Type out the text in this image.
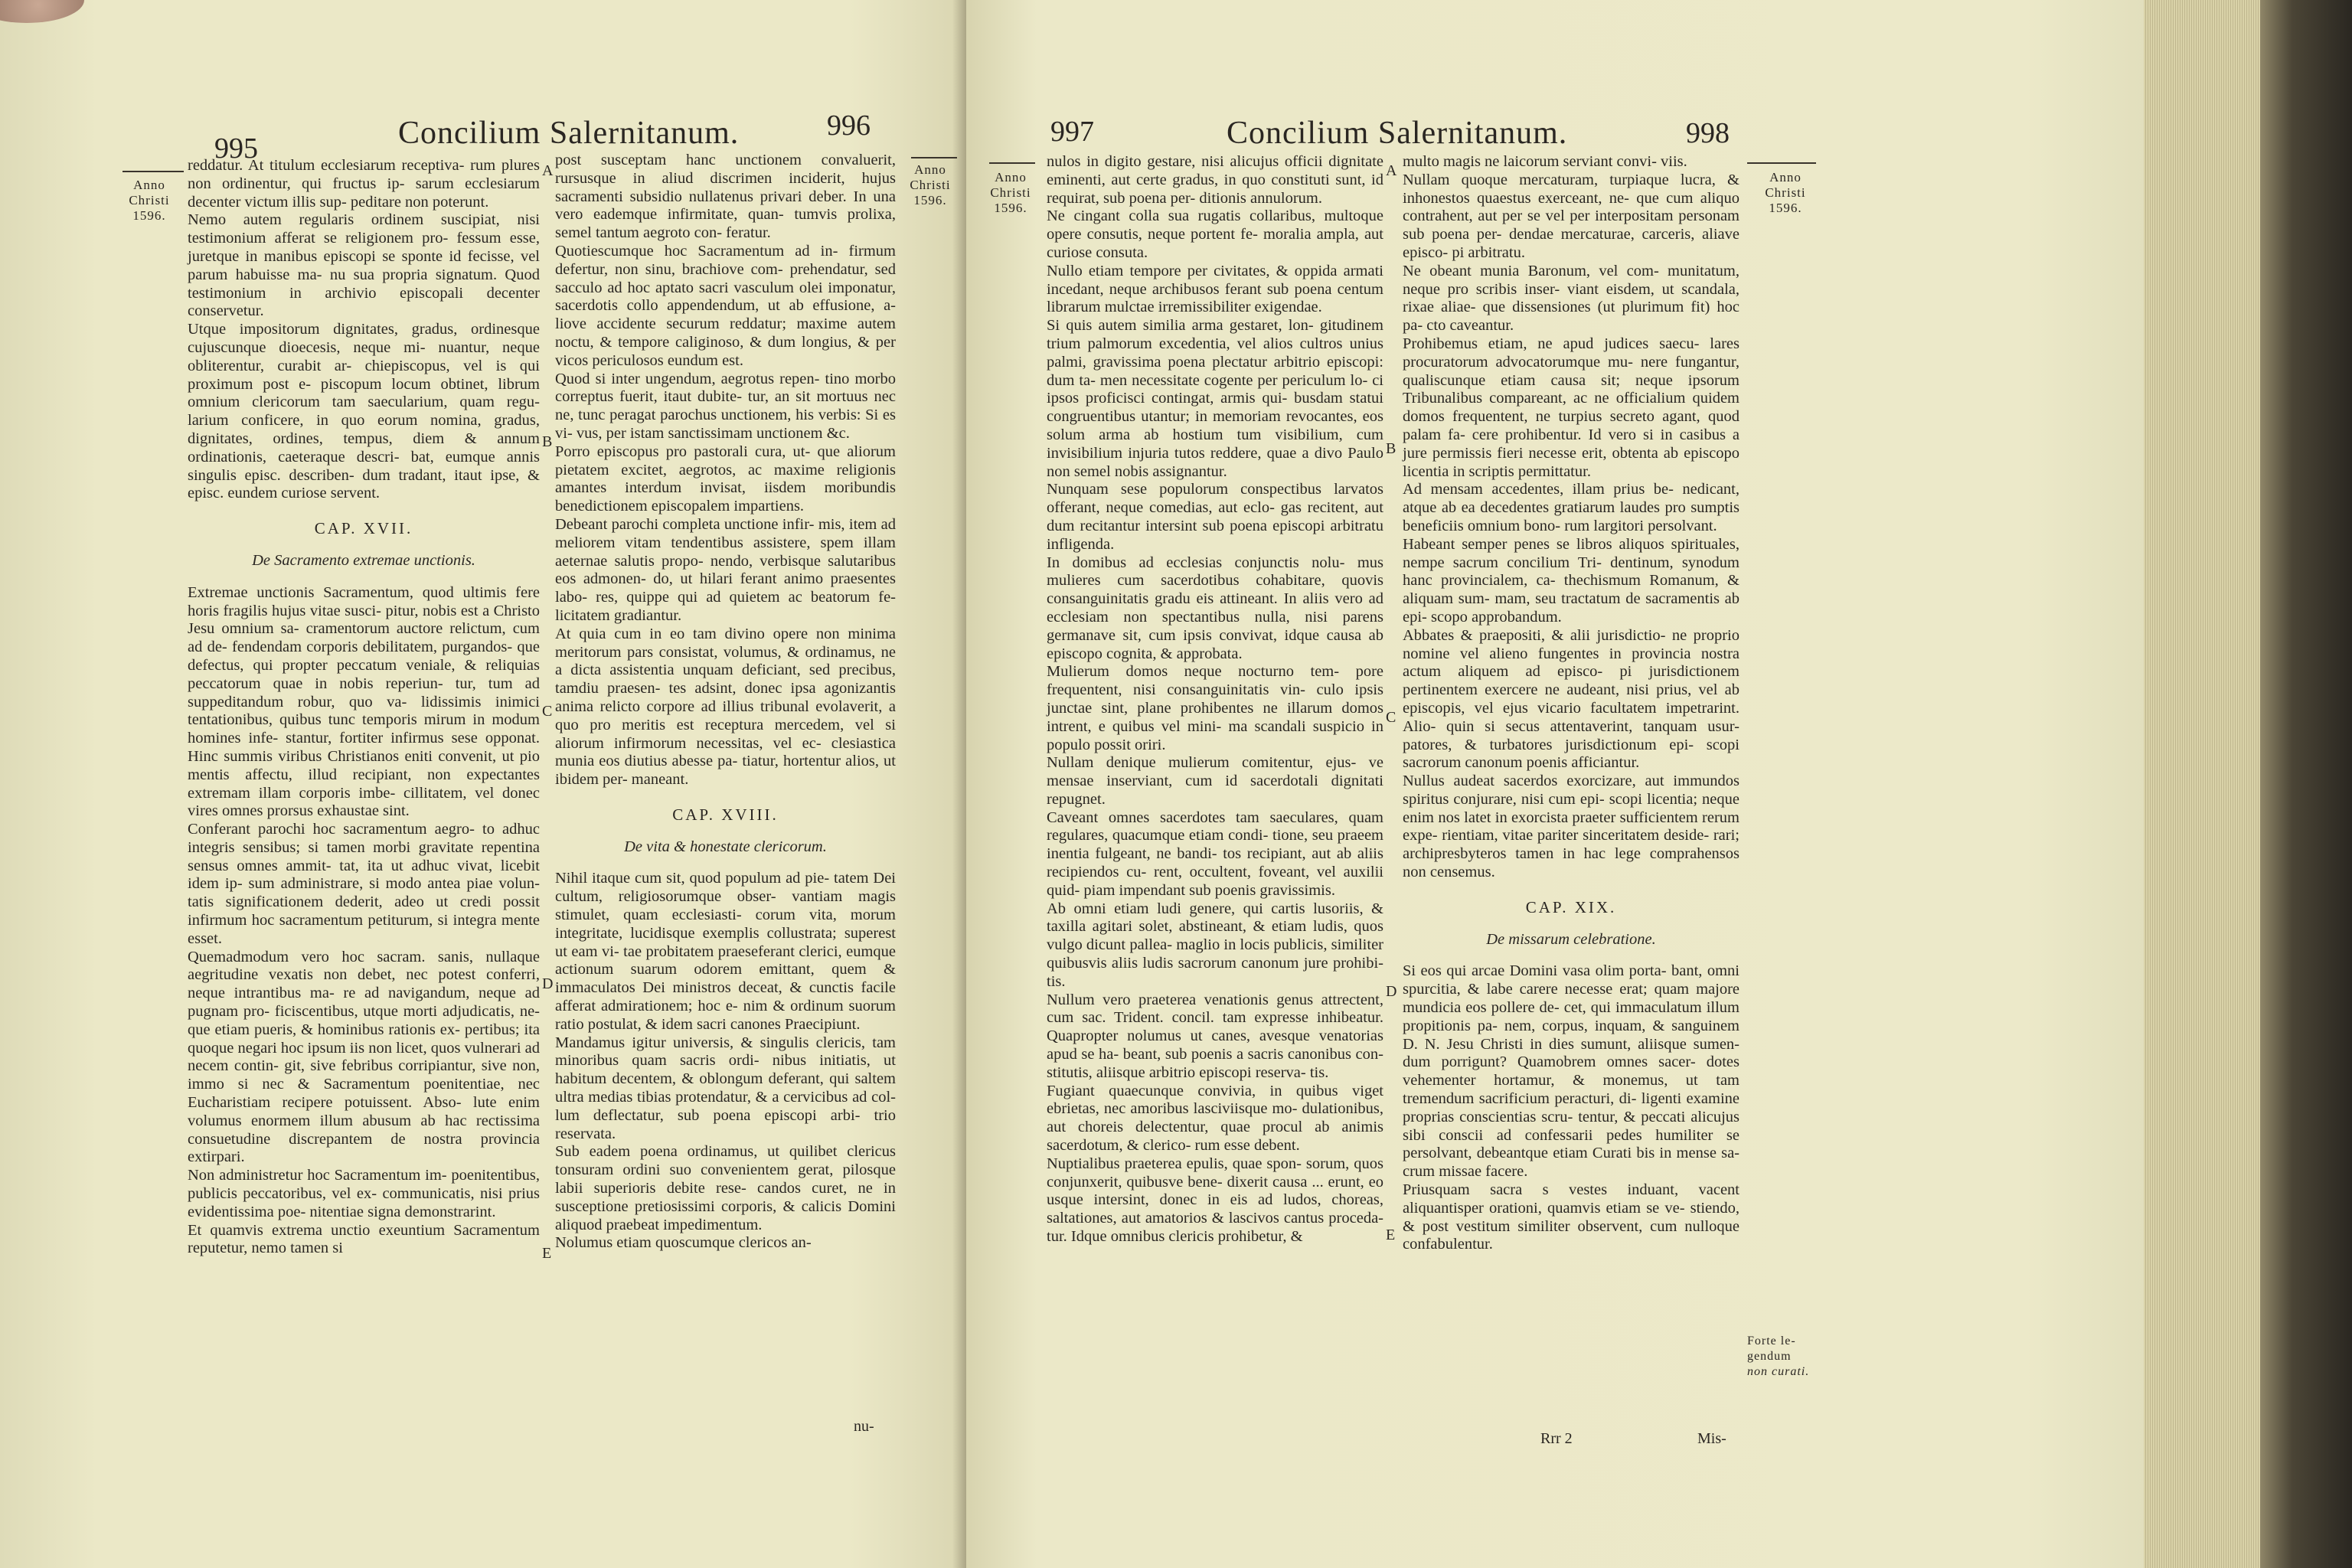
Concilium Salernitanum.
995
996
Anno
Christi
1596.
Anno
Christi
1596.

reddatur. At titulum ecclesiarum receptiva- rum plures non ordinentur, qui fructus ip- sarum ecclesiarum decenter victum illis sup- peditare non poterunt.

Nemo autem regularis ordinem suscipiat, nisi testimonium afferat se religionem pro- fessum esse, juretque in manibus episcopi se sponte id fecisse, vel parum habuisse ma- nu sua propria signatum. Quod testimonium in archivio episcopali decenter conservetur.

Utque impositorum dignitates, gradus, ordinesque cujuscunque dioecesis, neque mi- nuantur, neque obliterentur, curabit ar- chiepiscopus, vel is qui proximum post e- piscopum locum obtinet, librum omnium clericorum tam saecularium, quam regu- larium conficere, in quo eorum nomina, gradus, dignitates, ordines, tempus, diem & annum ordinationis, caeteraque descri- bat, eumque annis singulis episc. describen- dum tradant, itaut ipse, & episc. eundem curiose servent.

CAP. XVII.
De Sacramento extremae unctionis.

Extremae unctionis Sacramentum, quod ultimis fere horis fragilis hujus vitae susci- pitur, nobis est a Christo Jesu omnium sa- cramentorum auctore relictum, cum ad de- fendendam corporis debilitatem, purgandos- que defectus, qui propter peccatum veniale, & reliquias peccatorum quae in nobis reperiun- tur, tum ad suppeditandum robur, quo va- lidissimis inimici tentationibus, quibus tunc temporis mirum in modum homines infe- stantur, fortiter infirmus sese opponat. Hinc summis viribus Christianos eniti convenit, ut pio mentis affectu, illud recipiant, non expectantes extremam illam corporis imbe- cillitatem, vel donec vires omnes prorsus exhaustae sint.

Conferant parochi hoc sacramentum aegro- to adhuc integris sensibus; si tamen morbi gravitate repentina sensus omnes ammit- tat, ita ut adhuc vivat, licebit idem ip- sum administrare, si modo antea piae volun- tatis significationem dederit, adeo ut credi possit infirmum hoc sacramentum petiturum, si integra mente esset.

Quemadmodum vero hoc sacram. sanis, nullaque aegritudine vexatis non debet, nec potest conferri, neque intrantibus ma- re ad navigandum, neque ad pugnam pro- ficiscentibus, utque morti adjudicatis, ne- que etiam pueris, & hominibus rationis ex- pertibus; ita quoque negari hoc ipsum iis non licet, quos vulnerari ad necem contin- git, sive febribus corripiantur, sive non, immo si nec & Sacramentum poenitentiae, nec Eucharistiam recipere potuissent. Abso- lute enim volumus enormem illum abusum ab hac rectissima consuetudine discrepantem de nostra provincia extirpari.

Non administretur hoc Sacramentum im- poenitentibus, publicis peccatoribus, vel ex- communicatis, nisi prius evidentissima poe- nitentiae signa demonstrarint.

Et quamvis extrema unctio exeuntium Sacramentum reputetur, nemo tamen si

A
B
C
D
E

post susceptam hanc unctionem convaluerit, rursusque in aliud discrimen inciderit, hujus sacramenti subsidio nullatenus privari deber. In una vero eademque infirmitate, quan- tumvis prolixa, semel tantum aegroto con- feratur.

Quotiescumque hoc Sacramentum ad in- firmum defertur, non sinu, brachiove com- prehendatur, sed sacculo ad hoc aptato sacri vasculum olei imponatur, sacerdotis collo appendendum, ut ab effusione, a- liove accidente securum reddatur; maxime autem noctu, & tempore caliginoso, & dum longius, & per vicos periculosos eundum est.

Quod si inter ungendum, aegrotus repen- tino morbo correptus fuerit, itaut dubite- tur, an sit mortuus nec ne, tunc peragat parochus unctionem, his verbis: Si es vi- vus, per istam sanctissimam unctionem &c.

Porro episcopus pro pastorali cura, ut- que aliorum pietatem excitet, aegrotos, ac maxime religionis amantes interdum invisat, iisdem moribundis benedictionem episcopalem impartiens.

Debeant parochi completa unctione infir- mis, item ad meliorem vitam tendentibus assistere, spem illam aeternae salutis propo- nendo, verbisque salutaribus eos admonen- do, ut hilari ferant animo praesentes labo- res, quippe qui ad quietem ac beatorum fe- licitatem gradiantur.

At quia cum in eo tam divino opere non minima meritorum pars consistat, volumus, & ordinamus, ne a dicta assistentia unquam deficiant, sed precibus, tamdiu praesen- tes adsint, donec ipsa agonizantis anima relicto corpore ad illius tribunal evolaverit, a quo pro meritis est receptura mercedem, vel si aliorum infirmorum necessitas, vel ec- clesiastica munia eos diutius abesse pa- tiatur, hortentur alios, ut ibidem per- maneant.

CAP. XVIII.
De vita & honestate clericorum.

Nihil itaque cum sit, quod populum ad pie- tatem Dei cultum, religiosorumque obser- vantiam magis stimulet, quam ecclesiasti- corum vita, morum integritate, lucidisque exemplis collustrata; superest ut eam vi- tae probitatem praeseferant clerici, eumque actionum suarum odorem emittant, quem & immaculatos Dei ministros deceat, & cunctis facile afferat admirationem; hoc e- nim & ordinum suorum ratio postulat, & idem sacri canones Praecipiunt.

Mandamus igitur universis, & singulis clericis, tam minoribus quam sacris ordi- nibus initiatis, ut habitum decentem, & oblongum deferant, qui saltem ultra medias tibias protendatur, & a cervicibus ad col- lum deflectatur, sub poena episcopi arbi- trio reservata.

Sub eadem poena ordinamus, ut quilibet clericus tonsuram ordini suo convenientem gerat, pilosque labii superioris debite rese- candos curet, ne in susceptione pretiosissimi corporis, & calicis Domini aliquod praebeat impedimentum.

Nolumus etiam quoscumque clericos an-

nu-
Concilium Salernitanum.
997	998
Anno
Christi
1596.
Anno
Christi
1596.

nulos in digito gestare, nisi alicujus officii dignitate eminenti, aut certe gradus, in quo constituti sunt, id requirat, sub poena per- ditionis annulorum.

Ne cingant colla sua rugatis collaribus, multoque opere consutis, neque portent fe- moralia ampla, aut curiose consuta.

Nullo etiam tempore per civitates, & oppida armati incedant, neque archibusos ferant sub poena centum librarum mulctae irremissibiliter exigendae.

Si quis autem similia arma gestaret, lon- gitudinem trium palmorum excedentia, vel alios cultros unius palmi, gravissima poena plectatur arbitrio episcopi: dum ta- men necessitate cogente per periculum lo- ci ipsos proficisci contingat, armis qui- busdam statui congruentibus utantur; in memoriam revocantes, eos solum arma ab hostium tum visibilium, cum invisibilium injuria tutos reddere, quae a divo Paulo non semel nobis assignantur.

Nunquam sese populorum conspectibus larvatos offerant, neque comedias, aut eclo- gas recitent, aut dum recitantur intersint sub poena episcopi arbitratu infligenda.

In domibus ad ecclesias conjunctis nolu- mus mulieres cum sacerdotibus cohabitare, quovis consanguinitatis gradu eis attineant. In aliis vero ad ecclesiam non spectantibus nulla, nisi parens germanave sit, cum ipsis convivat, idque causa ab episcopo cognita, & approbata.

Mulierum domos neque nocturno tem- pore frequentent, nisi consanguinitatis vin- culo ipsis junctae sint, plane prohibentes ne illarum domos intrent, e quibus vel mini- ma scandali suspicio in populo possit oriri.

Nullam denique mulierum comitentur, ejus- ve mensae inserviant, cum id sacerdotali dignitati repugnet.

Caveant omnes sacerdotes tam saeculares, quam regulares, quacumque etiam condi- tione, seu praeem inentia fulgeant, ne bandi- tos recipiant, aut ab aliis recipiendos cu- rent, occultent, foveant, vel auxilii quid- piam impendant sub poenis gravissimis.

Ab omni etiam ludi genere, qui cartis lusoriis, & taxilla agitari solet, abstineant, & etiam ludis, quos vulgo dicunt pallea- maglio in locis publicis, similiter quibusvis aliis ludis sacrorum canonum jure prohibi- tis.

Nullum vero praeterea venationis genus attrectent, cum sac. Trident. concil. tam expresse inhibeatur. Quapropter nolumus ut canes, avesque venatorias apud se ha- beant, sub poenis a sacris canonibus con- stitutis, aliisque arbitrio episcopi reserva- tis.

Fugiant quaecunque convivia, in quibus viget ebrietas, nec amoribus lasciviisque mo- dulationibus, aut choreis delectentur, quae procul ab animis sacerdotum, & clerico- rum esse debent.

Nuptialibus praeterea epulis, quae spon- sorum, quos conjunxerit, quibusve bene- dixerit causa ... erunt, eo usque intersint, donec in eis ad ludos, choreas, saltationes, aut amatorios & lascivos cantus proceda- tur. Idque omnibus clericis prohibetur, &

A
B
C
D
E

multo magis ne laicorum serviant convi- viis.

Nullam quoque mercaturam, turpiaque lucra, & inhonestos quaestus exerceant, ne- que cum aliquo contrahent, aut per se vel per interpositam personam sub poena per- dendae mercaturae, carceris, aliave episco- pi arbitratu.

Ne obeant munia Baronum, vel com- munitatum, neque pro scribis inser- viant eisdem, ut scandala, rixae aliae- que dissensiones (ut plurimum fit) hoc pa- cto caveantur.

Prohibemus etiam, ne apud judices saecu- lares procuratorum advocatorumque mu- nere fungantur, qualiscunque etiam causa sit; neque ipsorum Tribunalibus compareant, ac ne officialium quidem domos frequentent, ne turpius secreto agant, quod palam fa- cere prohibentur. Id vero si in casibus a jure permissis fieri necesse erit, obtenta ab episcopo licentia in scriptis permittatur.

Ad mensam accedentes, illam prius be- nedicant, atque ab ea decedentes gratiarum laudes pro sumptis beneficiis omnium bono- rum largitori persolvant.

Habeant semper penes se libros aliquos spirituales, nempe sacrum concilium Tri- dentinum, synodum hanc provincialem, ca- thechismum Romanum, & aliquam sum- mam, seu tractatum de sacramentis ab epi- scopo approbandum.

Abbates & praepositi, & alii jurisdictio- ne proprio nomine vel alieno fungentes in provincia nostra actum aliquem ad episco- pi jurisdictionem pertinentem exercere ne audeant, nisi prius, vel ab episcopis, vel ejus vicario facultatem impetrarint. Alio- quin si secus attentaverint, tanquam usur- patores, & turbatores jurisdictionum epi- scopi sacrorum canonum poenis afficiantur.

Nullus audeat sacerdos exorcizare, aut immundos spiritus conjurare, nisi cum epi- scopi licentia; neque enim nos latet in exorcista praeter sufficientem rerum expe- rientiam, vitae pariter sinceritatem deside- rari; archipresbyteros tamen in hac lege comprahensos non censemus.

CAP. XIX.
De missarum celebratione.

Si eos qui arcae Domini vasa olim porta- bant, omni spurcitia, & labe carere necesse erat; quam majore mundicia eos pollere de- cet, qui immaculatum illum propitionis pa- nem, corpus, inquam, & sanguinem D. N. Jesu Christi in dies sumunt, aliisque sumen- dum porrigunt? Quamobrem omnes sacer- dotes vehementer hortamur, & monemus, ut tam tremendum sacrificium peracturi, di- ligenti examine proprias conscientias scru- tentur, & peccati alicujus sibi conscii ad confessarii pedes humiliter se persolvant, debeantque etiam Curati bis in mense sa- crum missae facere.

Priusquam sacra s vestes induant, vacent aliquantisper orationi, quamvis etiam se ve- stiendo, & post vestitum similiter observent, cum nulloque confabulentur.

Forte le-
gendum
non curati.
Rrr 2	Mis-
